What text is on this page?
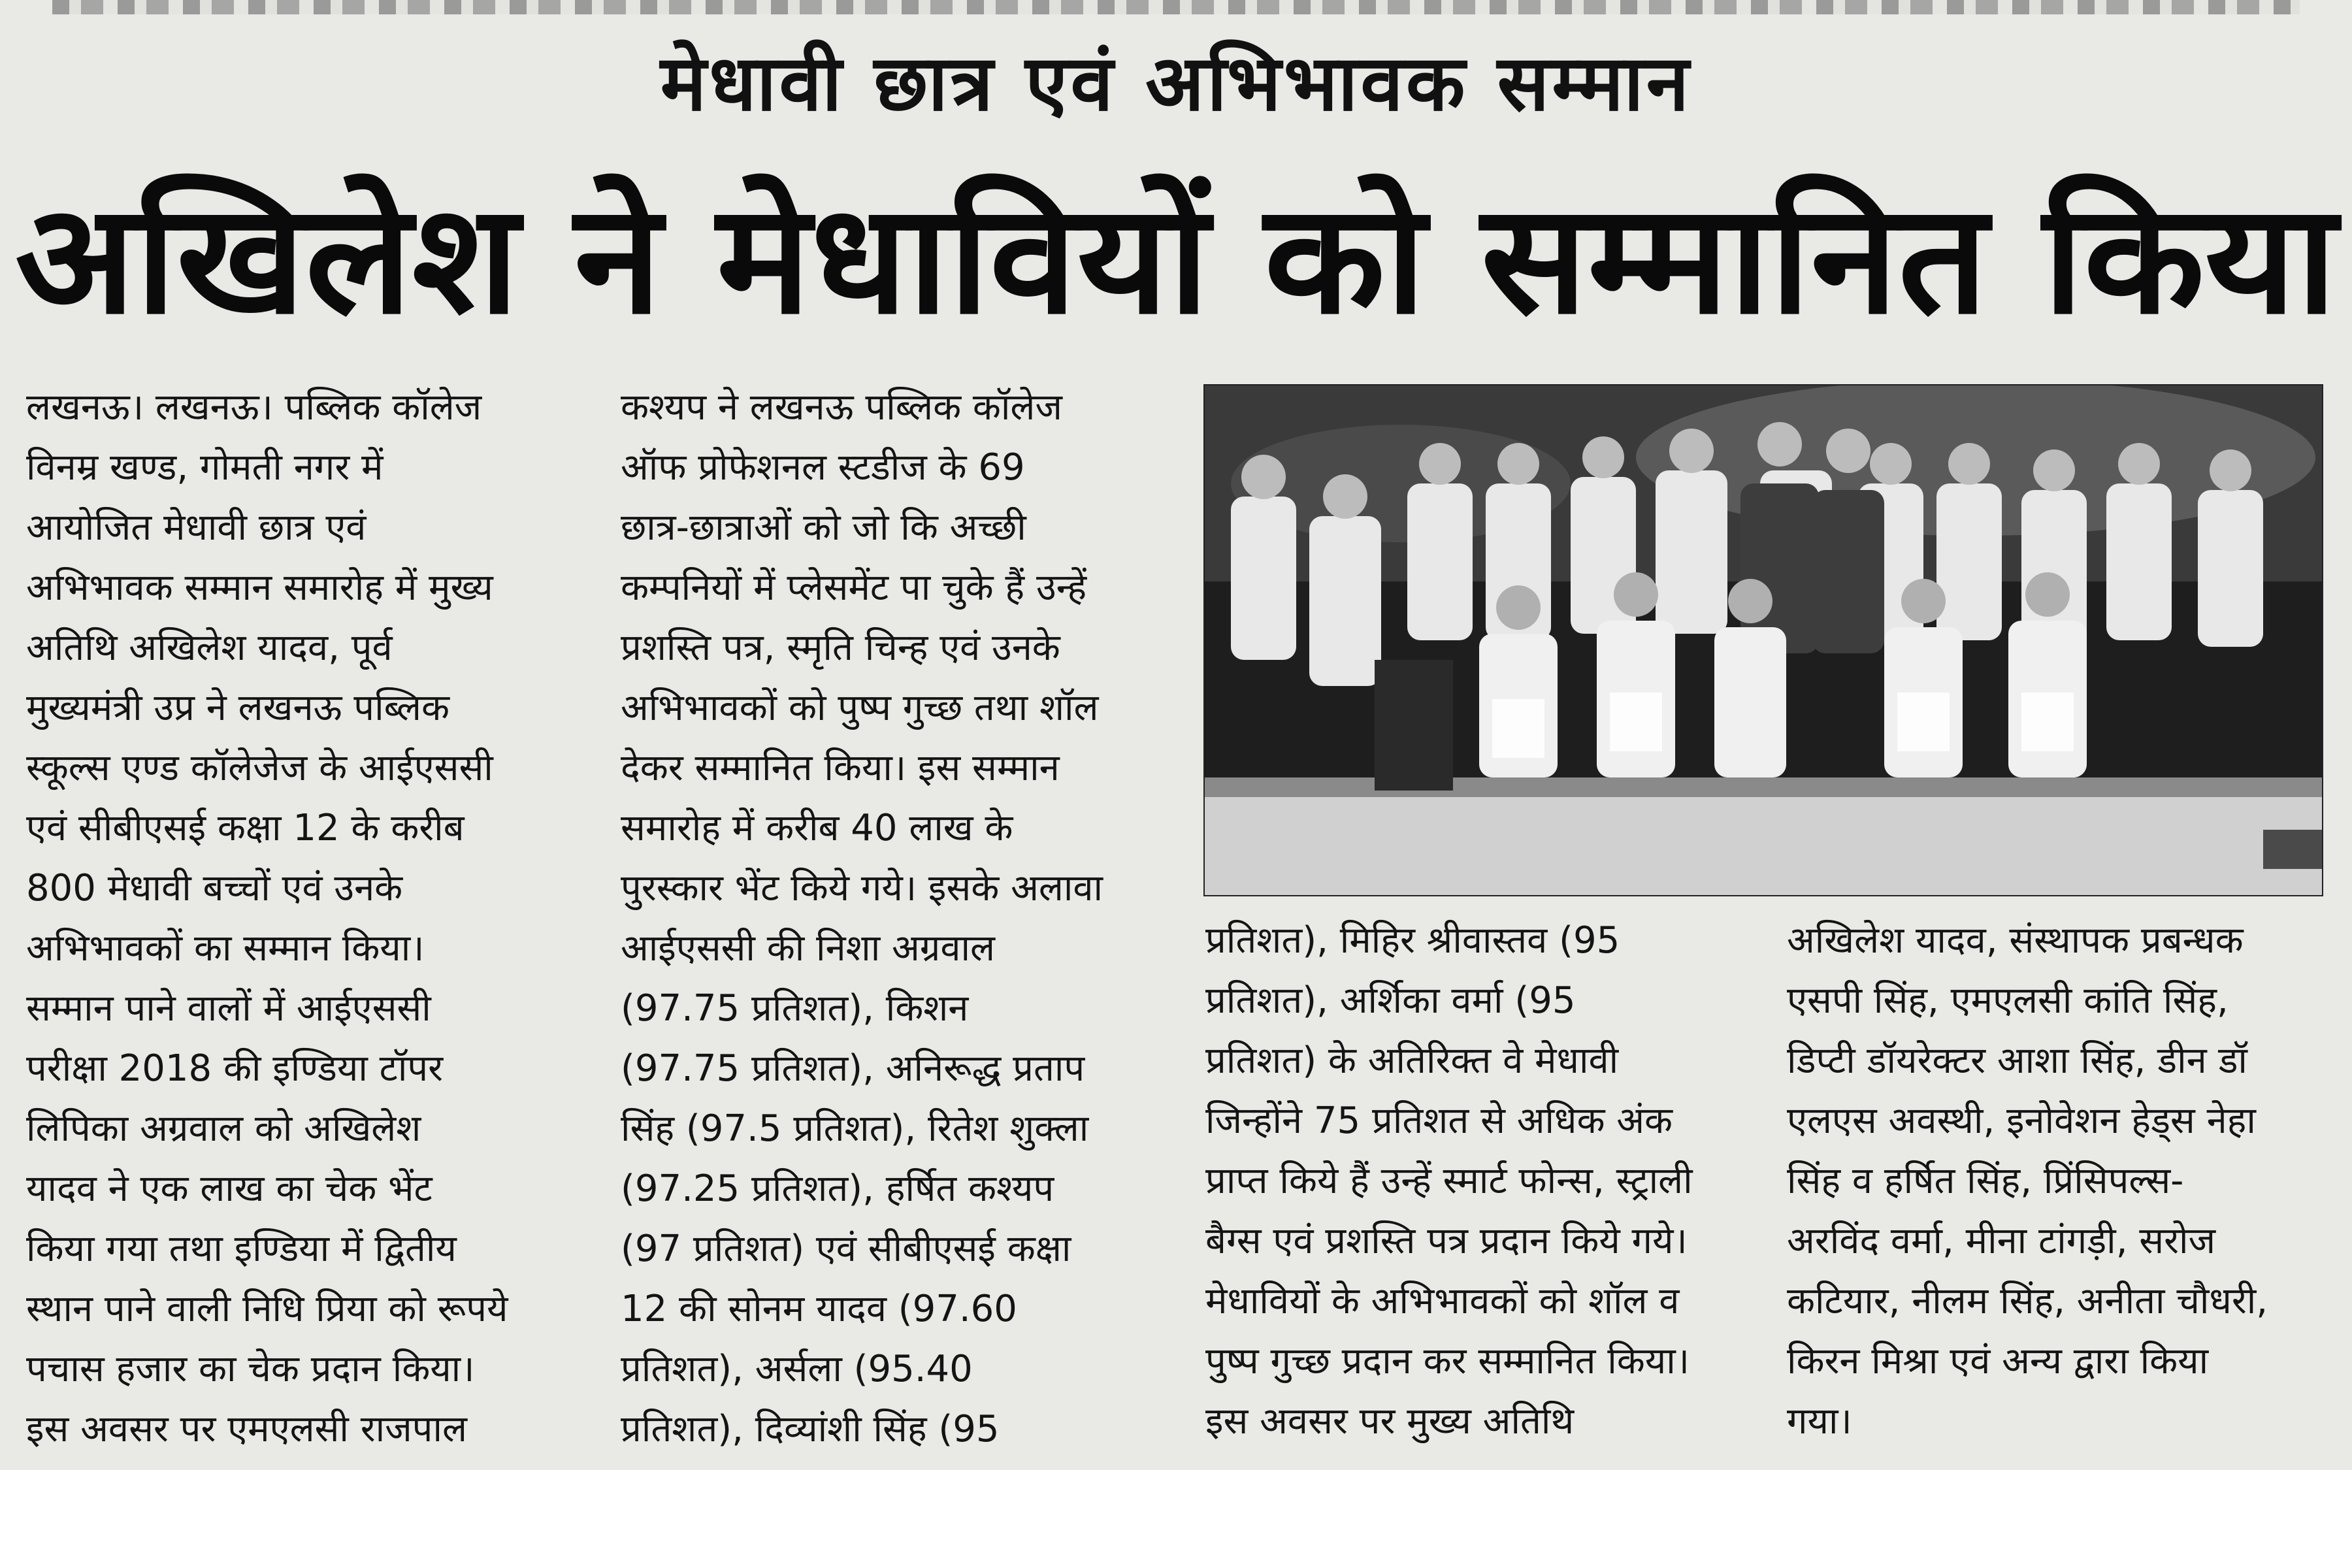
मेधावी छात्र एवं अभिभावक सम्मान
अखिलेश ने मेधावियों को सम्मानित किया
लखनऊ। लखनऊ। पब्लिक कॉलेज
विनम्र खण्ड, गोमती नगर में
आयोजित मेधावी छात्र एवं
अभिभावक सम्मान समारोह में मुख्य
अतिथि अखिलेश यादव, पूर्व
मुख्यमंत्री उप्र ने लखनऊ पब्लिक
स्कूल्स एण्ड कॉलेजेज के आईएससी
एवं सीबीएसई कक्षा 12 के करीब
800 मेधावी बच्चों एवं उनके
अभिभावकों का सम्मान किया।
सम्मान पाने वालों में आईएससी
परीक्षा 2018 की इण्डिया टॉपर
लिपिका अग्रवाल को अखिलेश
यादव ने एक लाख का चेक भेंट
किया गया तथा इण्डिया में द्वितीय
स्थान पाने वाली निधि प्रिया को रूपये
पचास हजार का चेक प्रदान किया।
इस अवसर पर एमएलसी राजपाल
कश्यप ने लखनऊ पब्लिक कॉलेज
ऑफ प्रोफेशनल स्टडीज के 69
छात्र-छात्राओं को जो कि अच्छी
कम्पनियों में प्लेसमेंट पा चुके हैं उन्हें
प्रशस्ति पत्र, स्मृति चिन्ह एवं उनके
अभिभावकों को पुष्प गुच्छ तथा शॉल
देकर सम्मानित किया। इस सम्मान
समारोह में करीब 40 लाख के
पुरस्कार भेंट किये गये। इसके अलावा
आईएससी की निशा अग्रवाल
(97.75 प्रतिशत), किशन
(97.75 प्रतिशत), अनिरूद्ध प्रताप
सिंह (97.5 प्रतिशत), रितेश शुक्ला
(97.25 प्रतिशत), हर्षित कश्यप
(97 प्रतिशत) एवं सीबीएसई कक्षा
12 की सोनम यादव (97.60
प्रतिशत), अर्सला (95.40
प्रतिशत), दिव्यांशी सिंह (95
प्रतिशत), मिहिर श्रीवास्तव (95
प्रतिशत), अर्शिका वर्मा (95
प्रतिशत) के अतिरिक्त वे मेधावी
जिन्होंने 75 प्रतिशत से अधिक अंक
प्राप्त किये हैं उन्हें स्मार्ट फोन्स, स्ट्राली
बैग्स एवं प्रशस्ति पत्र प्रदान किये गये।
मेधावियों के अभिभावकों को शॉल व
पुष्प गुच्छ प्रदान कर सम्मानित किया।
इस अवसर पर मुख्य अतिथि
अखिलेश यादव, संस्थापक प्रबन्धक
एसपी सिंह, एमएलसी कांति सिंह,
डिप्टी डॉयरेक्टर आशा सिंह, डीन डॉ
एलएस अवस्थी, इनोवेशन हेड्स नेहा
सिंह व हर्षित सिंह, प्रिंसिपल्स-
अरविंद वर्मा, मीना टांगड़ी, सरोज
कटियार, नीलम सिंह, अनीता चौधरी,
किरन मिश्रा एवं अन्य द्वारा किया
गया।
